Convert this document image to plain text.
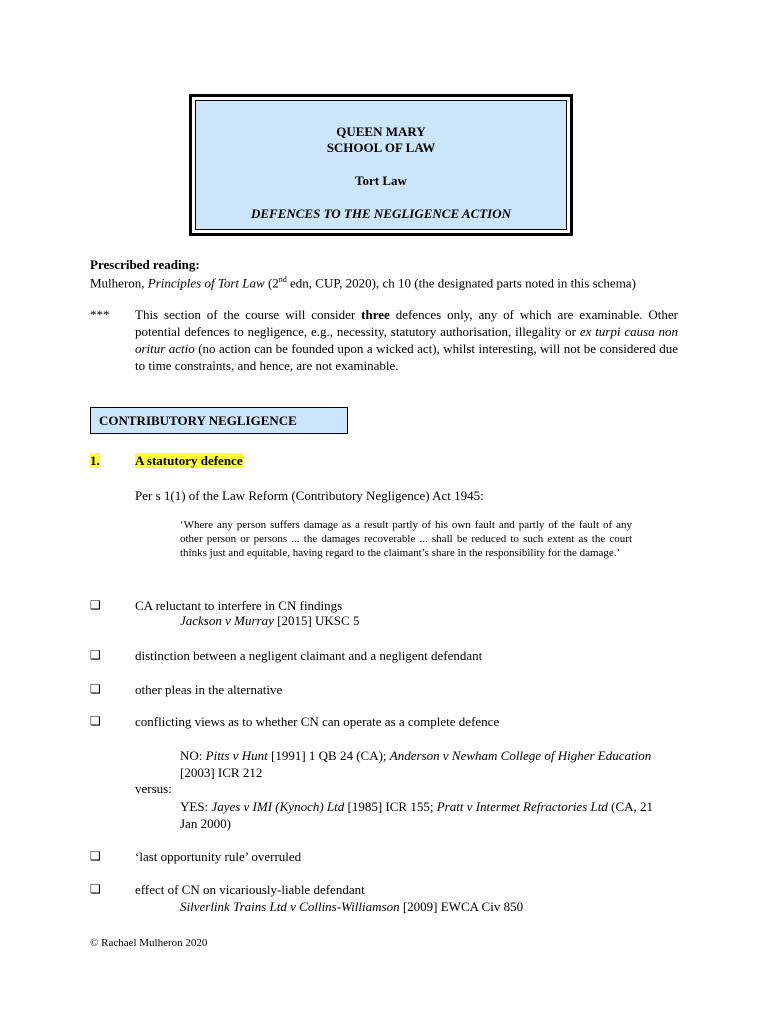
QUEEN MARY
SCHOOL OF LAW
Tort Law
DEFENCES TO THE NEGLIGENCE ACTION
Prescribed reading:
Mulheron, Principles of Tort Law (2nd edn, CUP, 2020), ch 10 (the designated parts noted in this schema)
*** This section of the course will consider three defences only, any of which are examinable. Other potential defences to negligence, e.g., necessity, statutory authorisation, illegality or ex turpi causa non oritur actio (no action can be founded upon a wicked act), whilst interesting, will not be considered due to time constraints, and hence, are not examinable.
CONTRIBUTORY NEGLIGENCE
1.	A statutory defence
Per s 1(1) of the Law Reform (Contributory Negligence) Act 1945:
‘Where any person suffers damage as a result partly of his own fault and partly of the fault of any other person or persons ... the damages recoverable ... shall be reduced to such extent as the court thinks just and equitable, having regard to the claimant’s share in the responsibility for the damage.’
❑	CA reluctant to interfere in CN findings
Jackson v Murray [2015] UKSC 5
❑	distinction between a negligent claimant and a negligent defendant
❑	other pleas in the alternative
❑	conflicting views as to whether CN can operate as a complete defence
NO: Pitts v Hunt [1991] 1 QB 24 (CA); Anderson v Newham College of Higher Education
[2003] ICR 212
versus:
YES: Jayes v IMI (Kynoch) Ltd [1985] ICR 155; Pratt v Intermet Refractories Ltd (CA, 21
Jan 2000)
❑	‘last opportunity rule’ overruled
❑	effect of CN on vicariously-liable defendant
Silverlink Trains Ltd v Collins-Williamson [2009] EWCA Civ 850
© Rachael Mulheron 2020
